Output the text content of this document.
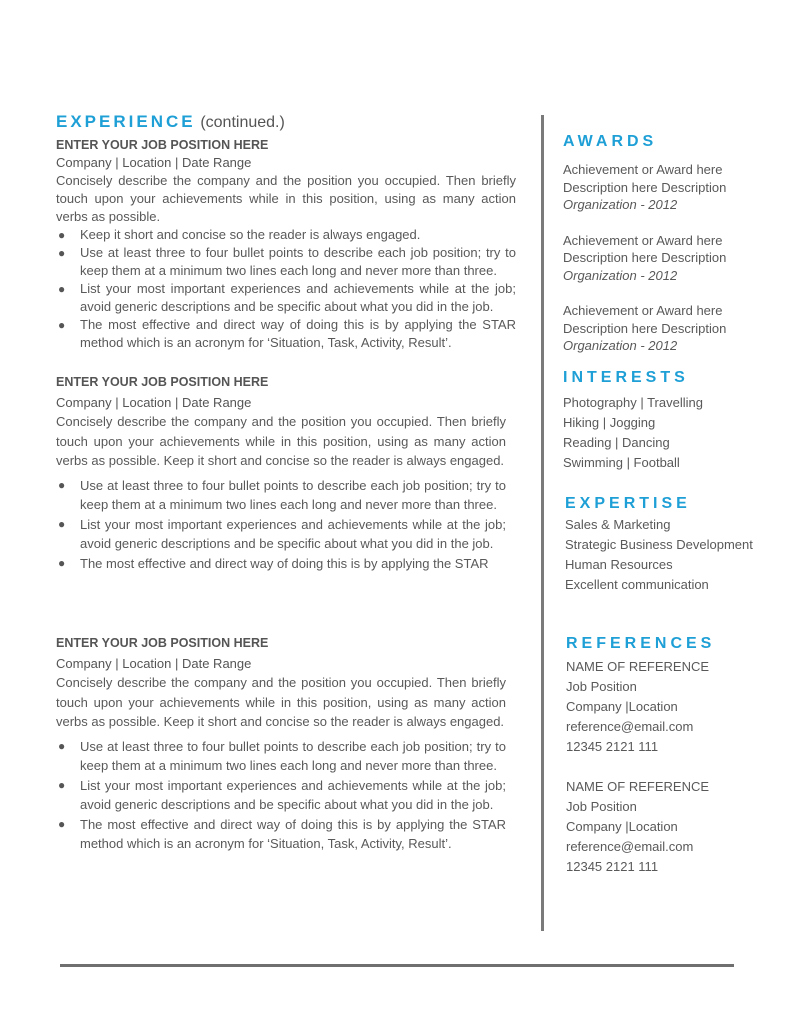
EXPERIENCE (continued.)
ENTER YOUR JOB POSITION HERE
Company | Location | Date Range

Concisely describe the company and the position you occupied. Then briefly touch upon your achievements while in this position, using as many action verbs as possible.

● Keep it short and concise so the reader is always engaged.
● Use at least three to four bullet points to describe each job position; try to keep them at a minimum two lines each long and never more than three.
● List your most important experiences and achievements while at the job; avoid generic descriptions and be specific about what you did in the job.
● The most effective and direct way of doing this is by applying the STAR method which is an acronym for ‘Situation, Task, Activity, Result’.
ENTER YOUR JOB POSITION HERE
Company | Location | Date Range

Concisely describe the company and the position you occupied. Then briefly touch upon your achievements while in this position, using as many action verbs as possible. Keep it short and concise so the reader is always engaged.

● Use at least three to four bullet points to describe each job position; try to keep them at a minimum two lines each long and never more than three.
● List your most important experiences and achievements while at the job; avoid generic descriptions and be specific about what you did in the job.
● The most effective and direct way of doing this is by applying the STAR
ENTER YOUR JOB POSITION HERE
Company | Location | Date Range

Concisely describe the company and the position you occupied. Then briefly touch upon your achievements while in this position, using as many action verbs as possible. Keep it short and concise so the reader is always engaged.

● Use at least three to four bullet points to describe each job position; try to keep them at a minimum two lines each long and never more than three.
● List your most important experiences and achievements while at the job; avoid generic descriptions and be specific about what you did in the job.
● The most effective and direct way of doing this is by applying the STAR method which is an acronym for ‘Situation, Task, Activity, Result’.
AWARDS
Achievement or Award here
Description here Description
Organization - 2012
Achievement or Award here
Description here Description
Organization - 2012
Achievement or Award here
Description here Description
Organization - 2012
INTERESTS
Photography | Travelling
Hiking | Jogging
Reading | Dancing
Swimming | Football
EXPERTISE
Sales & Marketing
Strategic Business Development
Human Resources
Excellent communication
REFERENCES
NAME OF REFERENCE
Job Position
Company |Location
reference@email.com
12345 2121 111
NAME OF REFERENCE
Job Position
Company |Location
reference@email.com
12345 2121 111
